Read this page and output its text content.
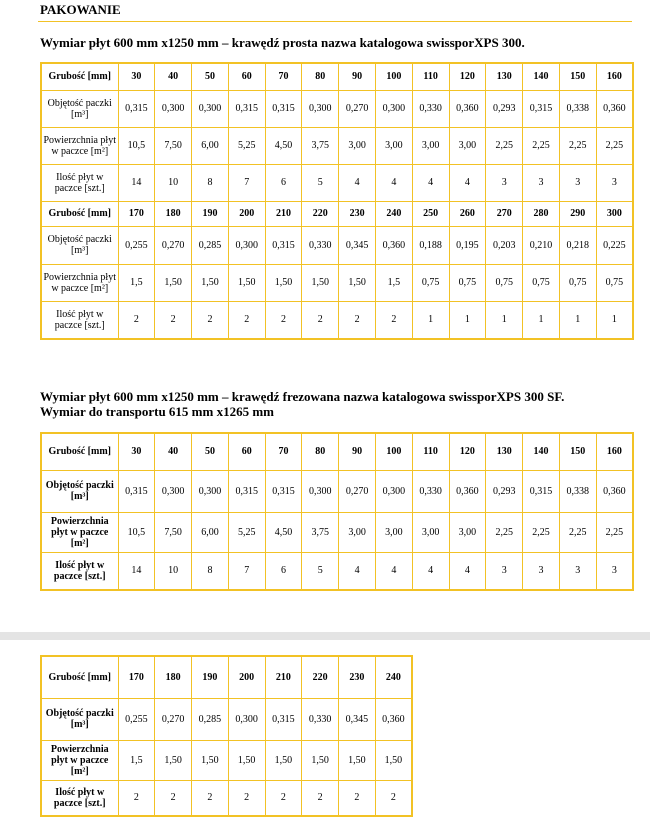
PAKOWANIE
Wymiar płyt 600 mm x1250 mm – krawędź prosta nazwa katalogowa swissporXPS 300.
Grubość [mm]	30	40	50	60	70	80	90	100	110	120	130	140	150	160
Objętość paczki [m³]	0,315	0,300	0,300	0,315	0,315	0,300	0,270	0,300	0,330	0,360	0,293	0,315	0,338	0,360
Powierzchnia płyt w paczce [m²]	10,5	7,50	6,00	5,25	4,50	3,75	3,00	3,00	3,00	3,00	2,25	2,25	2,25	2,25
Ilość płyt w paczce [szt.]	14	10	8	7	6	5	4	4	4	4	3	3	3	3
Grubość [mm]	170	180	190	200	210	220	230	240	250	260	270	280	290	300
Objętość paczki [m³]	0,255	0,270	0,285	0,300	0,315	0,330	0,345	0,360	0,188	0,195	0,203	0,210	0,218	0,225
Powierzchnia płyt w paczce [m²]	1,5	1,50	1,50	1,50	1,50	1,50	1,50	1,5	0,75	0,75	0,75	0,75	0,75	0,75
Ilość płyt w paczce [szt.]	2	2	2	2	2	2	2	2	1	1	1	1	1	1
Wymiar płyt 600 mm x1250 mm – krawędź frezowana nazwa katalogowa swissporXPS 300 SF.
Wymiar do transportu 615 mm x1265 mm
Grubość [mm]	30	40	50	60	70	80	90	100	110	120	130	140	150	160
Objętość paczki [m³]	0,315	0,300	0,300	0,315	0,315	0,300	0,270	0,300	0,330	0,360	0,293	0,315	0,338	0,360
Powierzchnia płyt w paczce [m²]	10,5	7,50	6,00	5,25	4,50	3,75	3,00	3,00	3,00	3,00	2,25	2,25	2,25	2,25
Ilość płyt w paczce [szt.]	14	10	8	7	6	5	4	4	4	4	3	3	3	3
Grubość [mm]	170	180	190	200	210	220	230	240
Objętość paczki [m³]	0,255	0,270	0,285	0,300	0,315	0,330	0,345	0,360
Powierzchnia płyt w paczce [m²]	1,5	1,50	1,50	1,50	1,50	1,50	1,50	1,50
Ilość płyt w paczce [szt.]	2	2	2	2	2	2	2	2
